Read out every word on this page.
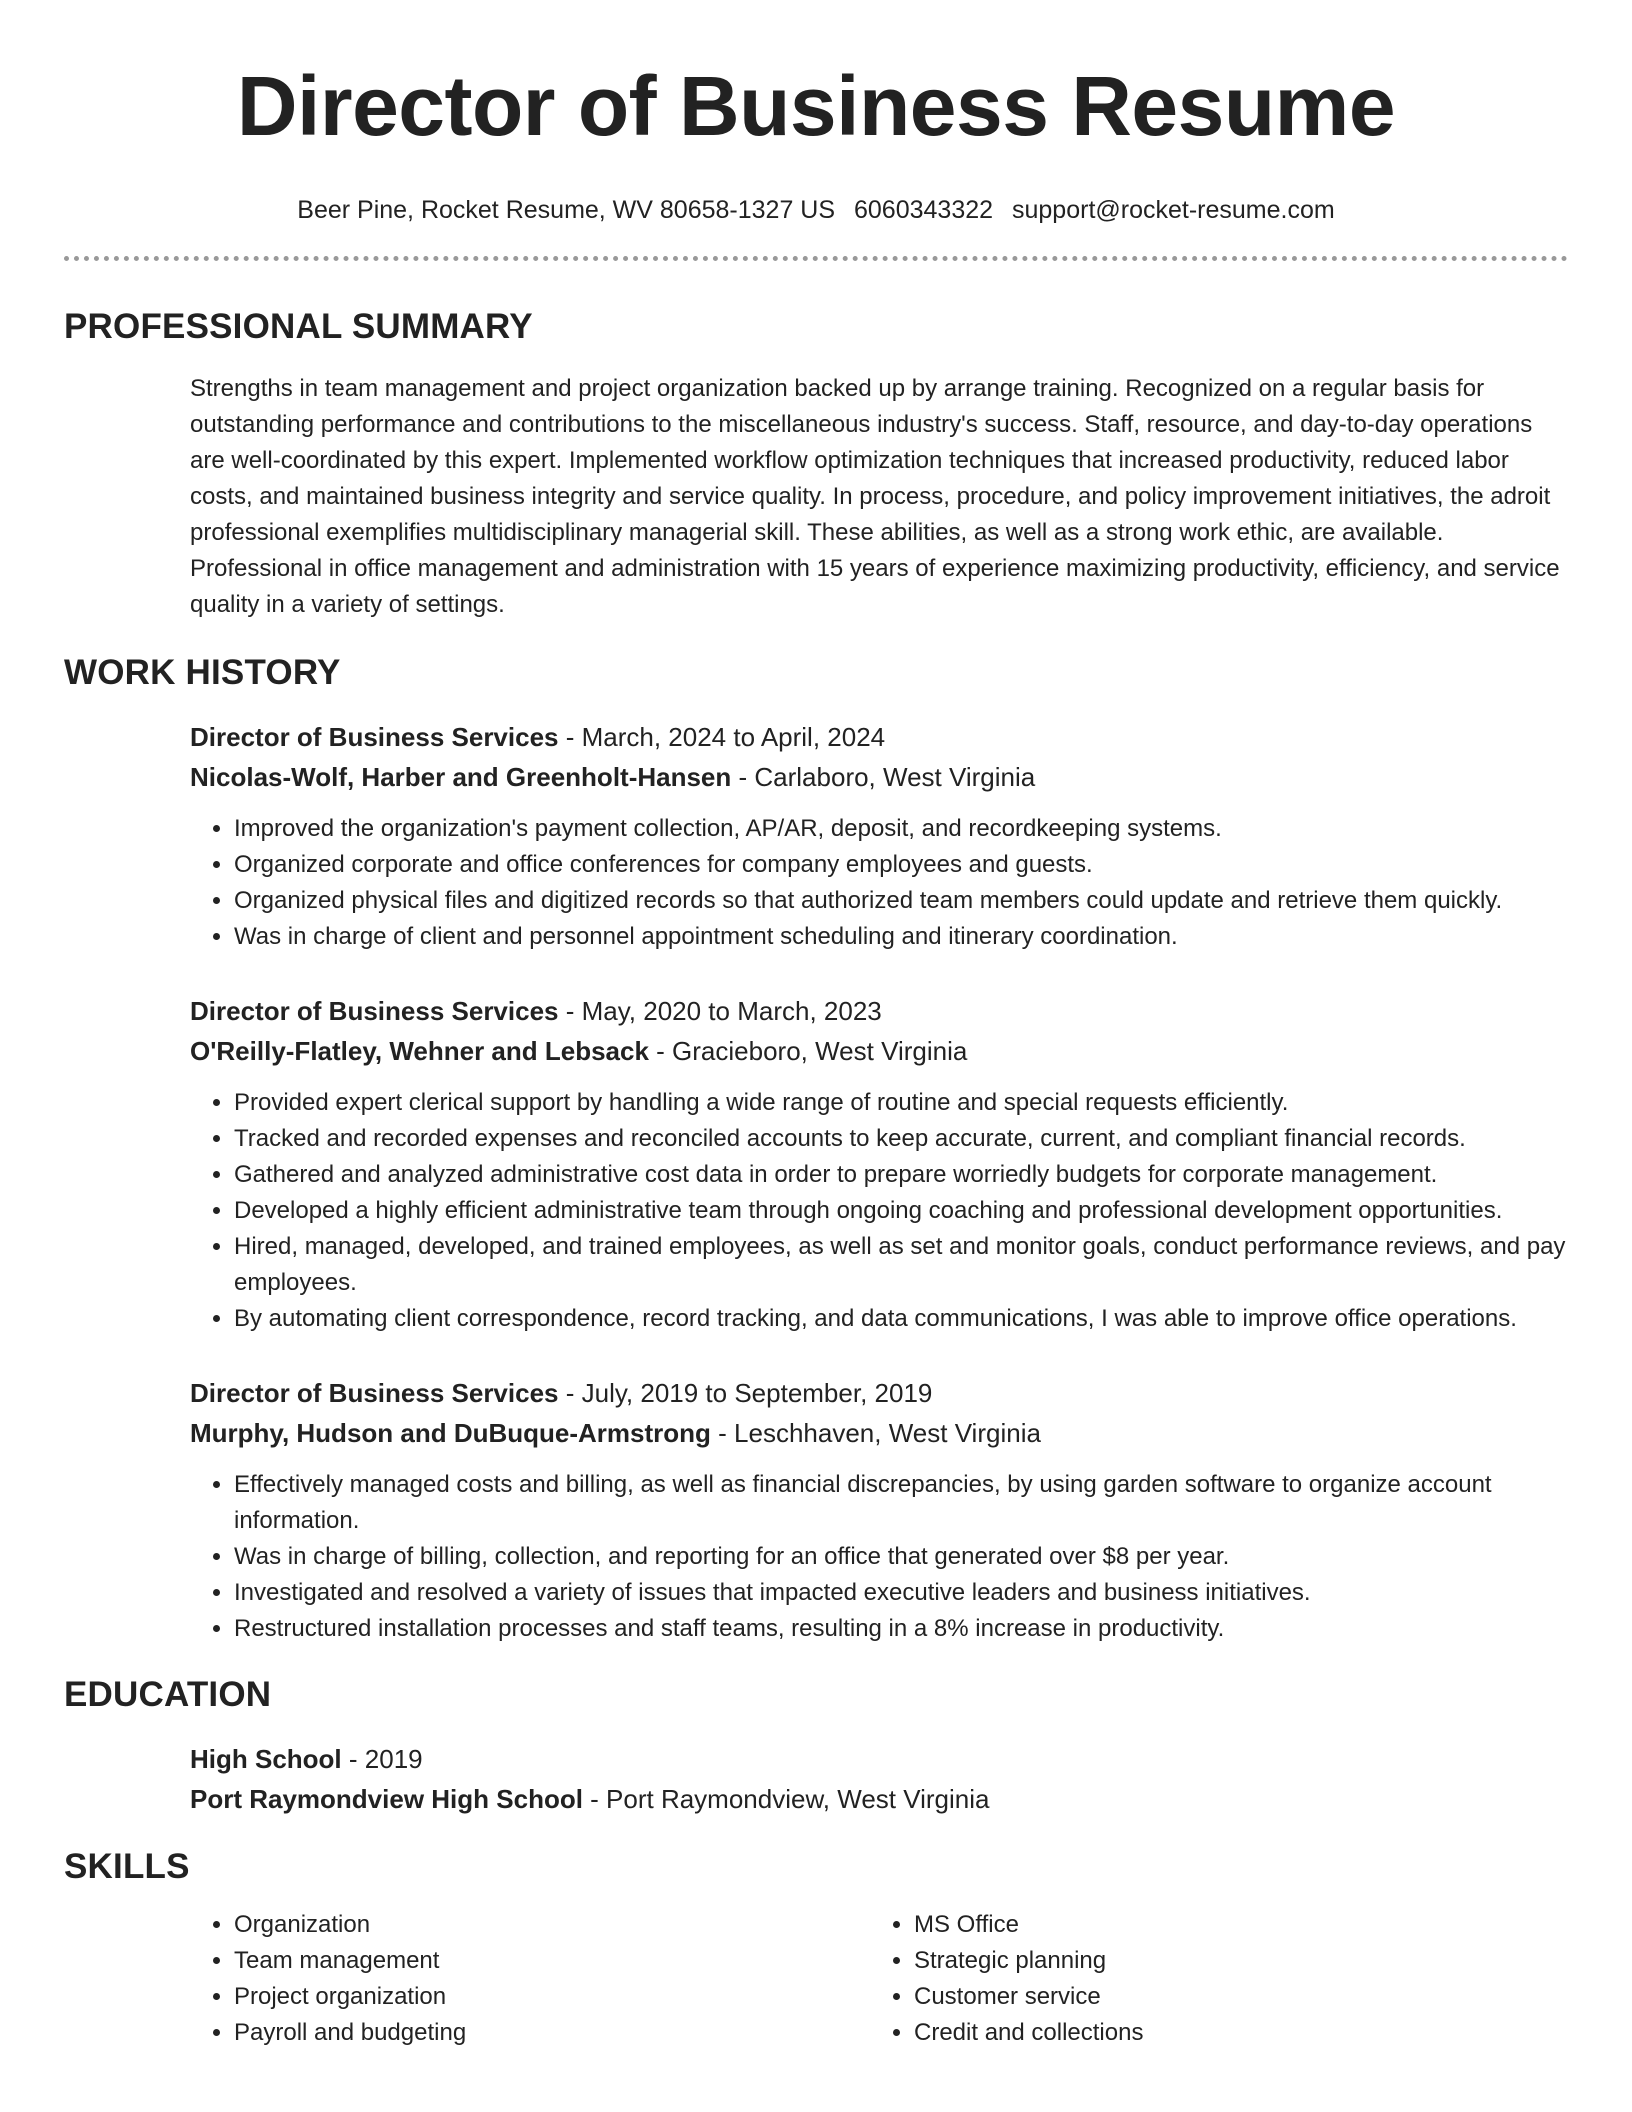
Director of Business Resume
Beer Pine, Rocket Resume, WV 80658-1327 US 6060343322 support@rocket-resume.com
PROFESSIONAL SUMMARY
Strengths in team management and project organization backed up by arrange training. Recognized on a regular basis for outstanding performance and contributions to the miscellaneous industry's success. Staff, resource, and day-to-day operations are well-coordinated by this expert. Implemented workflow optimization techniques that increased productivity, reduced labor costs, and maintained business integrity and service quality. In process, procedure, and policy improvement initiatives, the adroit professional exemplifies multidisciplinary managerial skill. These abilities, as well as a strong work ethic, are available. Professional in office management and administration with 15 years of experience maximizing productivity, efficiency, and service quality in a variety of settings.
WORK HISTORY
Director of Business Services - March, 2024 to April, 2024
Nicolas-Wolf, Harber and Greenholt-Hansen - Carlaboro, West Virginia
• Improved the organization's payment collection, AP/AR, deposit, and recordkeeping systems.
• Organized corporate and office conferences for company employees and guests.
• Organized physical files and digitized records so that authorized team members could update and retrieve them quickly.
• Was in charge of client and personnel appointment scheduling and itinerary coordination.
Director of Business Services - May, 2020 to March, 2023
O'Reilly-Flatley, Wehner and Lebsack - Gracieboro, West Virginia
• Provided expert clerical support by handling a wide range of routine and special requests efficiently.
• Tracked and recorded expenses and reconciled accounts to keep accurate, current, and compliant financial records.
• Gathered and analyzed administrative cost data in order to prepare worriedly budgets for corporate management.
• Developed a highly efficient administrative team through ongoing coaching and professional development opportunities.
• Hired, managed, developed, and trained employees, as well as set and monitor goals, conduct performance reviews, and pay employees.
• By automating client correspondence, record tracking, and data communications, I was able to improve office operations.
Director of Business Services - July, 2019 to September, 2019
Murphy, Hudson and DuBuque-Armstrong - Leschhaven, West Virginia
• Effectively managed costs and billing, as well as financial discrepancies, by using garden software to organize account information.
• Was in charge of billing, collection, and reporting for an office that generated over $8 per year.
• Investigated and resolved a variety of issues that impacted executive leaders and business initiatives.
• Restructured installation processes and staff teams, resulting in a 8% increase in productivity.
EDUCATION
High School - 2019
Port Raymondview High School - Port Raymondview, West Virginia
SKILLS
• Organization
• Team management
• Project organization
• Payroll and budgeting
• MS Office
• Strategic planning
• Customer service
• Credit and collections
